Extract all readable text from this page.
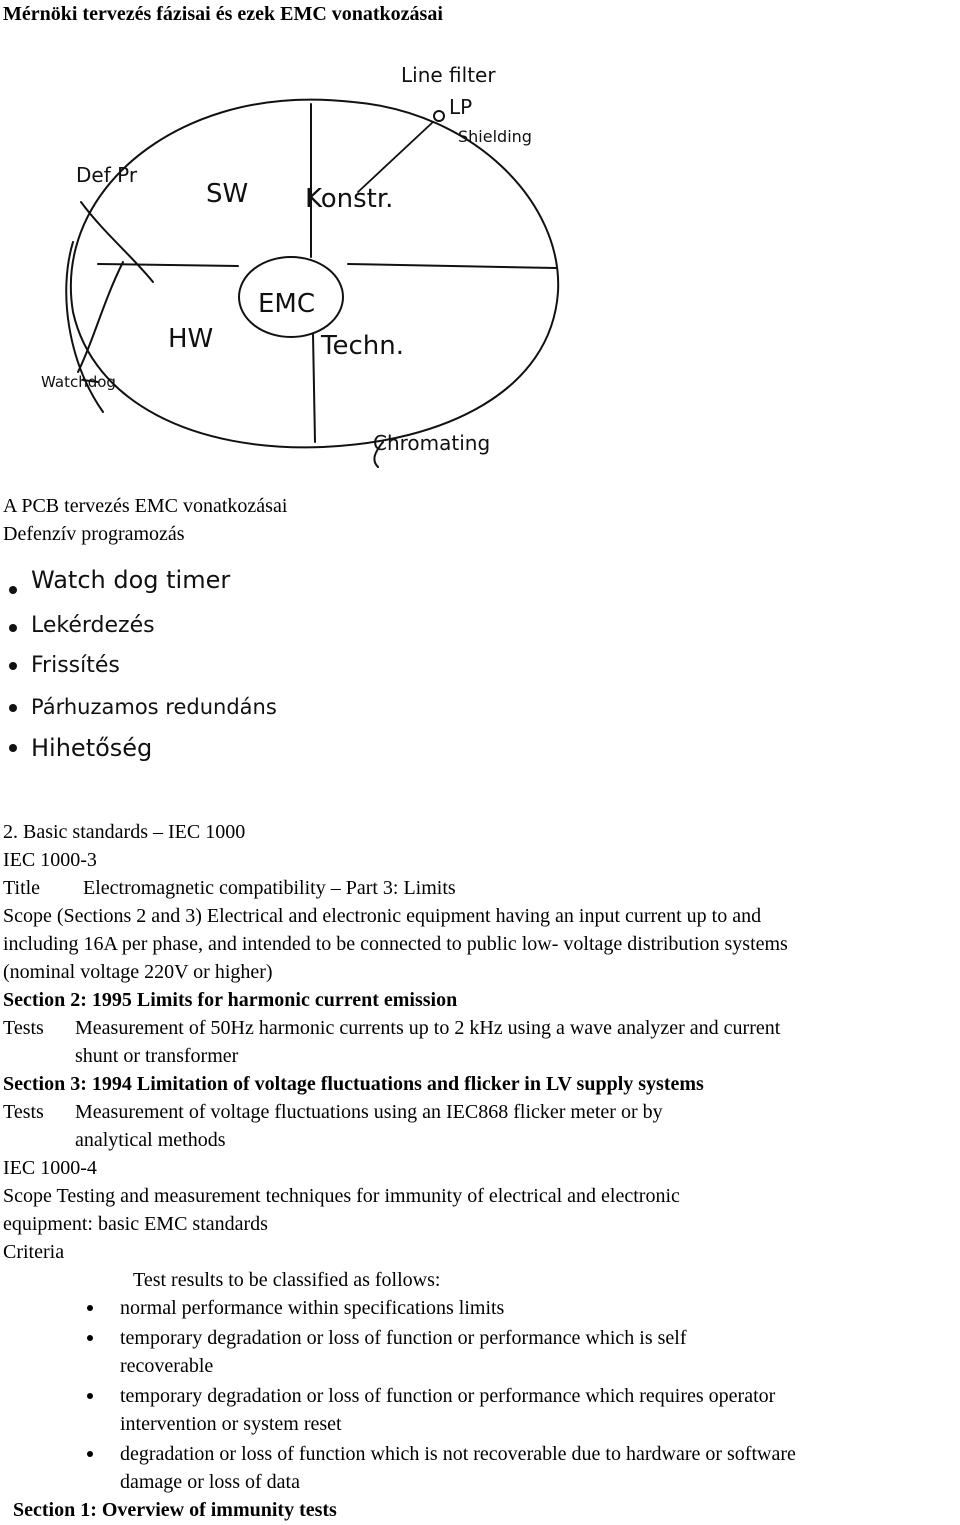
Mérnöki tervezés fázisai és ezek EMC vonatkozásai
EMC
SW Konstr.
HW	Techn.
Def Pr
Line filter
LP
Shielding
Watchdog
Chromating
A PCB tervezés EMC vonatkozásai
Defenzív programozás
Watch dog timer
Lekérdezés
Frissítés
Párhuzamos redundáns
Hihetőség
2. Basic standards – IEC 1000
IEC 1000-3
Title Electromagnetic compatibility – Part 3: Limits
Scope (Sections 2 and 3) Electrical and electronic equipment having an input current up to and
including 16A per phase, and intended to be connected to public low- voltage distribution systems
(nominal voltage 220V or higher)
Section 2: 1995 Limits for harmonic current emission
Tests Measurement of 50Hz harmonic currents up to 2 kHz using a wave analyzer and current
shunt or transformer
Section 3: 1994 Limitation of voltage fluctuations and flicker in LV supply systems
Tests Measurement of voltage fluctuations using an IEC868 flicker meter or by
analytical methods
IEC 1000-4
Scope Testing and measurement techniques for immunity of electrical and electronic
equipment: basic EMC standards
Criteria
Test results to be classified as follows:
normal performance within specifications limits
temporary degradation or loss of function or performance which is self
recoverable
temporary degradation or loss of function or performance which requires operator
intervention or system reset
degradation or loss of function which is not recoverable due to hardware or software
damage or loss of data
Section 1: Overview of immunity tests
